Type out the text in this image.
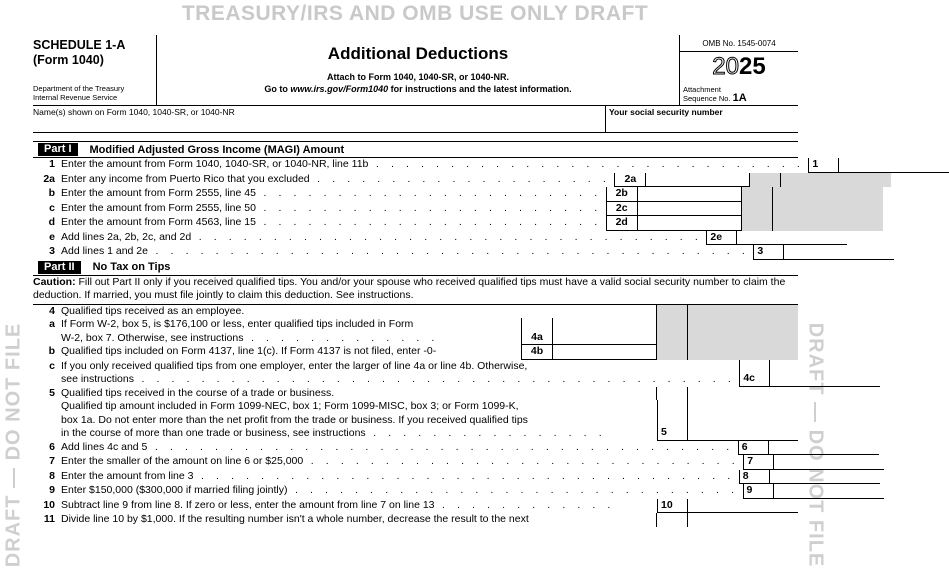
TREASURY/IRS AND OMB USE ONLY DRAFT
DRAFT — DO NOT FILE	DRAFT — DO NOT FILE
SCHEDULE 1-A
(Form 1040)
Department of the Treasury
Internal Revenue Service
Additional Deductions
Attach to Form 1040, 1040-SR, or 1040-NR.
Go to www.irs.gov/Form1040 for instructions and the latest information.
OMB No. 1545-0074
2025
Attachment
Sequence No. 1A
Name(s) shown on Form 1040, 1040-SR, or 1040-NR	Your social security number
Part I	Modified Adjusted Gross Income (MAGI) Amount
1 Enter the amount from Form 1040, 1040-SR, or 1040-NR, line 11b . . . . . . . . . . . . . . . . . . . . . . . . . . . . . 1
2a Enter any income from Puerto Rico that you excluded . . . . . . . . . . . . . . . . . . . .	2a
b Enter the amount from Form 2555, line 45 . . . . . . . . . . . . . . . . . . . . . . .	2b
c Enter the amount from Form 2555, line 50 . . . . . . . . . . . . . . . . . . . . . . .	2c
d Enter the amount from Form 4563, line 15 . . . . . . . . . . . . . . . . . . . . . . .	2d
e Add lines 2a, 2b, 2c, and 2d . . . . . . . . . . . . . . . . . . . . . . . . . . . . . . . . . . 2e
3 Add lines 1 and 2e . . . . . . . . . . . . . . . . . . . . . . . . . . . . . . . . . . . . . . . . 3
Part II	No Tax on Tips
Caution: Fill out Part II only if you received qualified tips. You and/or your spouse who received qualified tips must have a valid social security number to claim the deduction. If married, you must file jointly to claim this deduction. See instructions.
4 Qualified tips received as an employee.
a If Form W-2, box 5, is $176,100 or less, enter qualified tips included in Form
W-2, box 7. Otherwise, see instructions . . . . . . . . . . . . .	4a
b Qualified tips included on Form 4137, line 1(c). If Form 4137 is not filed, enter -0-	4b
c If you only received qualified tips from one employer, enter the larger of line 4a or line 4b. Otherwise,
see instructions . . . . . . . . . . . . . . . . . . . . . . . . . . . . . . . . . . . . . . . . 4c
5 Qualified tips received in the course of a trade or business.
Qualified tip amount included in Form 1099-NEC, box 1; Form 1099-MISC, box 3; or Form 1099-K,
box 1a. Do not enter more than the net profit from the trade or business. If you received qualified tips
in the course of more than one trade or business, see instructions . . . . . . . . . . . . . . . .	5
6 Add lines 4c and 5 . . . . . . . . . . . . . . . . . . . . . . . . . . . . . . . . . . . . . . . 6
7 Enter the smaller of the amount on line 6 or $25,000 . . . . . . . . . . . . . . . . . . . . . . . . . . . . . 7
8 Enter the amount from line 3 . . . . . . . . . . . . . . . . . . . . . . . . . . . . . . . . . . . . 8
9 Enter $150,000 ($300,000 if married filing jointly) . . . . . . . . . . . . . . . . . . . . . . . . . . . . . . 9
10 Subtract line 9 from line 8. If zero or less, enter the amount from line 7 on line 13 . . . . . . . . . . . .	10
11 Divide line 10 by $1,000. If the resulting number isn't a whole number, decrease the result to the next
